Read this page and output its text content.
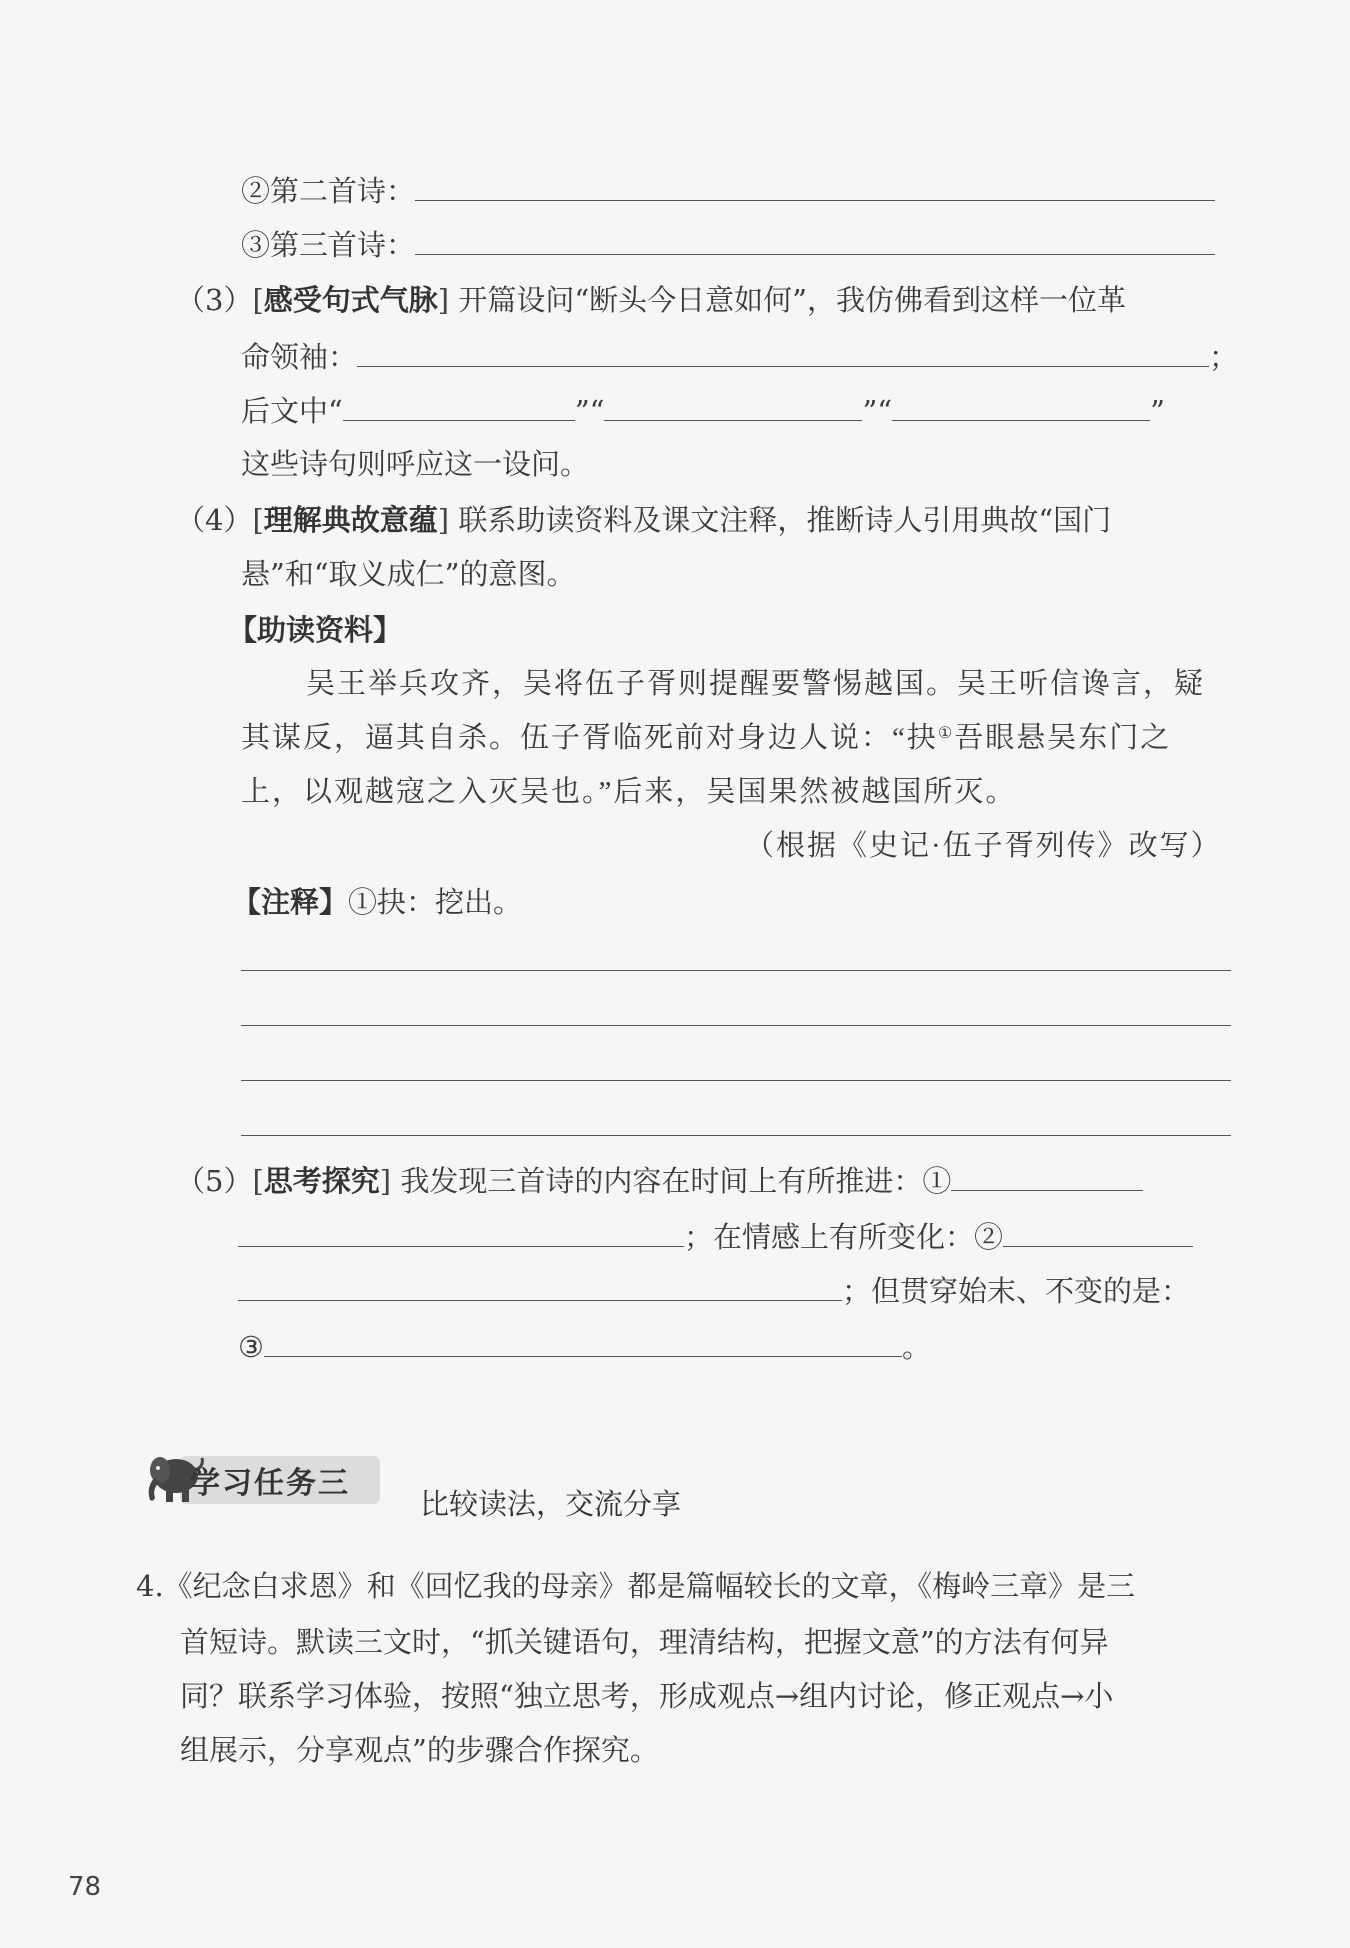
②第二首诗：
③第三首诗：
（3）[感受句式气脉] 开篇设问“断头今日意如何”，我仿佛看到这样一位革
命领袖：	；
后文中“	”“	”“	”
这些诗句则呼应这一设问。
（4）[理解典故意蕴] 联系助读资料及课文注释，推断诗人引用典故“国门
悬”和“取义成仁”的意图。
【助读资料】
吴王举兵攻齐，吴将伍子胥则提醒要警惕越国。吴王听信谗言，疑
其谋反，逼其自杀。伍子胥临死前对身边人说：“抉①吾眼悬吴东门之
上，以观越寇之入灭吴也。”后来，吴国果然被越国所灭。
（根据《史记·伍子胥列传》改写）
【注释】①抉：挖出。
（5）[思考探究] 我发现三首诗的内容在时间上有所推进：①
；在情感上有所变化：②
；但贯穿始末、不变的是：
③	。
学习任务三
比较读法，交流分享
4.《纪念白求恩》和《回忆我的母亲》都是篇幅较长的文章，《梅岭三章》是三
首短诗。默读三文时，“抓关键语句，理清结构，把握文意”的方法有何异
同？联系学习体验，按照“独立思考，形成观点→组内讨论，修正观点→小
组展示，分享观点”的步骤合作探究。
78
